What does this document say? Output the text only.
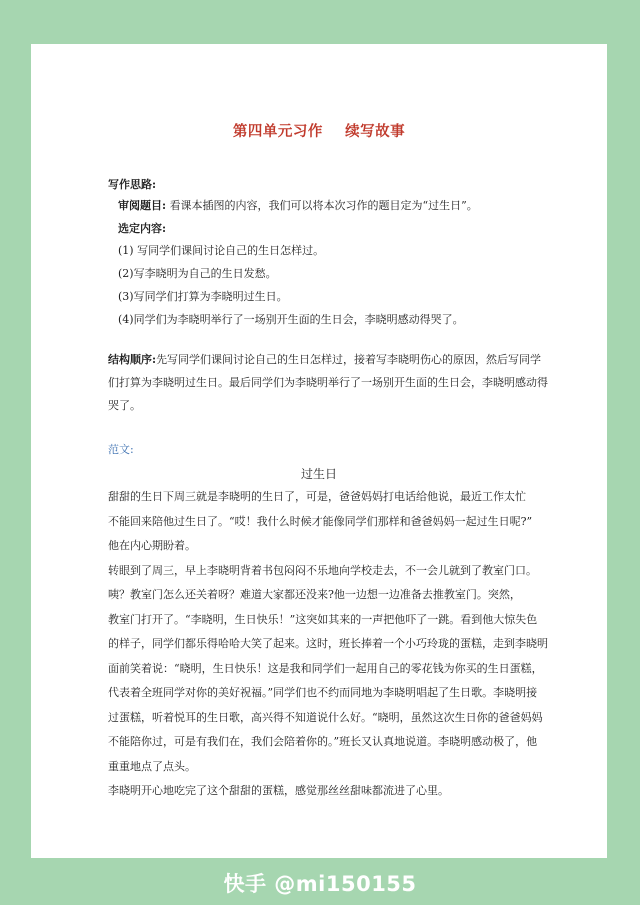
第四单元习作    续写故事
写作思路:
审阅题目: 看课本插图的内容，我们可以将本次习作的题目定为“过生日”。
选定内容:
(1) 写同学们课间讨论自己的生日怎样过。
(2)写李晓明为自己的生日发愁。
(3)写同学们打算为李晓明过生日。
(4)同学们为李晓明举行了一场别开生面的生日会，李晓明感动得哭了。
结构顺序:先写同学们课间讨论自己的生日怎样过，接着写李晓明伤心的原因，然后写同学
们打算为李晓明过生日。最后同学们为李晓明举行了一场别开生面的生日会，李晓明感动得
哭了。
范文:
过生日
甜甜的生日下周三就是李晓明的生日了，可是，爸爸妈妈打电话给他说，最近工作太忙
不能回来陪他过生日了。“哎！我什么时候才能像同学们那样和爸爸妈妈一起过生日呢?”
他在内心期盼着。
转眼到了周三，早上李晓明背着书包闷闷不乐地向学校走去，不一会儿就到了教室门口。
咦？教室门怎么还关着呀？难道大家都还没来?他一边想一边准备去推教室门。突然，
教室门打开了。“李晓明，生日快乐！”这突如其来的一声把他吓了一跳。看到他大惊失色
的样子，同学们都乐得哈哈大笑了起来。这时，班长捧着一个小巧玲珑的蛋糕，走到李晓明
面前笑着说：“晓明，生日快乐！这是我和同学们一起用自己的零花钱为你买的生日蛋糕，
代表着全班同学对你的美好祝福。”同学们也不约而同地为李晓明唱起了生日歌。李晓明接
过蛋糕，听着悦耳的生日歌，高兴得不知道说什么好。“晓明，虽然这次生日你的爸爸妈妈
不能陪你过，可是有我们在，我们会陪着你的。”班长又认真地说道。李晓明感动极了，他
重重地点了点头。
李晓明开心地吃完了这个甜甜的蛋糕，感觉那丝丝甜味都流进了心里。
快手 @mi150155
